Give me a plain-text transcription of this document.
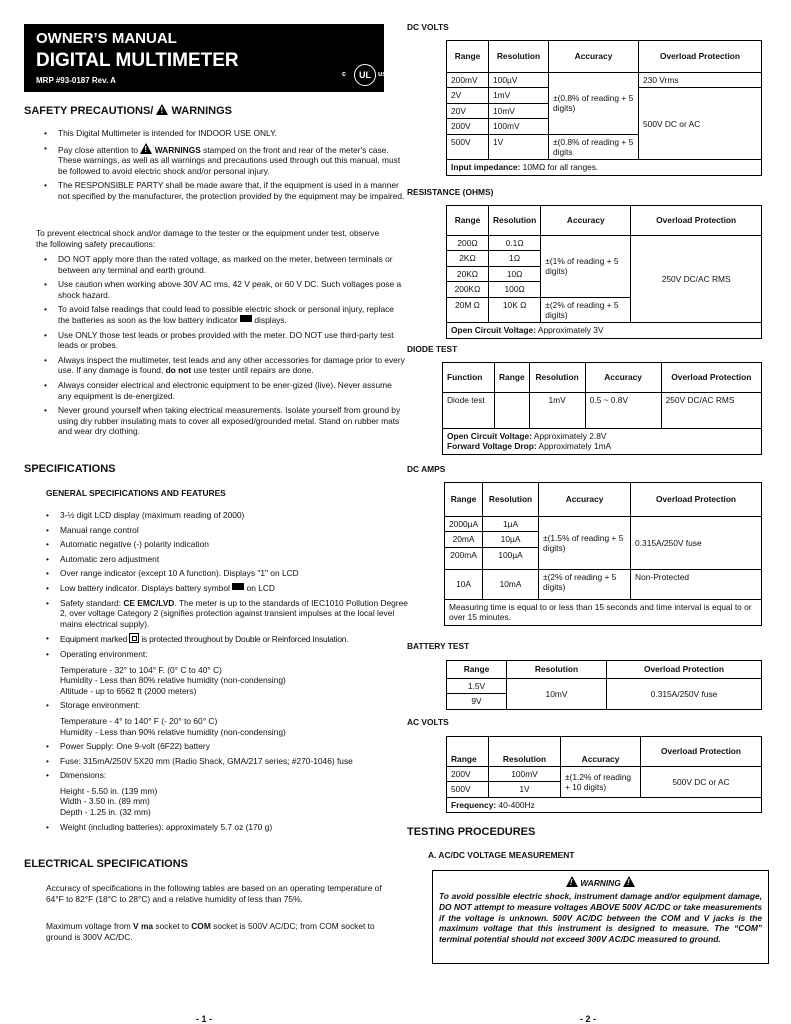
OWNER’S MANUAL
DIGITAL MULTIMETER
MRP #93-0187 Rev. A
c	UL	us
SAFETY PRECAUTIONS/ ! WARNINGS
• This Digital Multimeter is intended for INDOOR USE ONLY.
• Pay close attention to ! WARNINGS stamped on the front and rear of the meter's case. These warnings, as well as all warnings and precautions used through out this manual, must be followed to avoid electric shock and/or personal injury.
• The RESPONSIBLE PARTY shall be made aware that, if the equipment is used in a manner not specified by the manufacturer, the protection provided by the equipment may be impaired.
To prevent electrical shock and/or damage to the tester or the equipment under test, observe the following safety precautions:
• DO NOT apply more than the rated voltage, as marked on the meter, between terminals or between any terminal and earth ground.
• Use caution when working above 30V AC rms, 42 V peak, or 60 V DC. Such voltages pose a shock hazard.
• To avoid false readings that could lead to possible electric shock or personal injury, replace the batteries as soon as the low battery indicator displays.
• Use ONLY those test leads or probes provided with the meter. DO NOT use third-party test leads or probes.
• Always inspect the multimeter, test leads and any other accessories for damage prior to every use. If any damage is found, do not use tester until repairs are done.
• Always consider electrical and electronic equipment to be ener-gized (live). Never assume any equipment is de-energized.
• Never ground yourself when taking electrical measurements. Isolate yourself from ground by using dry rubber insulating mats to cover all exposed/grounded metal. Stand on rubber mats and wear dry clothing.
SPECIFICATIONS
GENERAL SPECIFICATIONS AND FEATURES
• 3-½ digit LCD display (maximum reading of 2000)
• Manual range control
• Automatic negative (-) polarity indication
• Automatic zero adjustment
• Over range indicator (except 10 A function). Displays "1" on LCD
• Low battery indicator. Displays battery symbol on LCD
• Safety standard: CE EMC/LVD. The meter is up to the standards of IEC1010 Pollution Degree 2, over voltage Category 2 (signifies protection against transient impulses at the local level mains electrical supply).
• Equipment marked is protected throughout by Double or Reinforced Insulation.
• Operating environment:
Temperature - 32° to 104° F. (0° C to 40° C)
Humidity - Less than 80% relative humidity (non-condensing)
Altitude - up to 6562 ft (2000 meters)
• Storage environment:
Temperature - 4° to 140° F (- 20° to 60° C)
Humidity - Less than 90% relative humidity (non-condensing)
• Power Supply: One 9-volt (6F22) battery
• Fuse: 315mA/250V 5X20 mm (Radio Shack, GMA/217 series; #270-1046) fuse
• Dimensions:
Height - 5.50 in. (139 mm)
Width - 3.50 in. (89 mm)
Depth - 1.25 in. (32 mm)
• Weight (including batteries): approximately 5.7 oz (170 g)
ELECTRICAL SPECIFICATIONS
Accuracy of specifications in the following tables are based on an operating temperature of 64°F to 82°F (18°C to 28°C) and a relative humidity of less than 75%.
Maximum voltage from V ma socket to COM socket is 500V AC/DC; from COM socket to ground is 300V AC/DC.
- 1 -
DC VOLTS
Range	Resolution	Accuracy	Overload Protection
200mV	100µV	±(0.8% of reading + 5 digits)	230 Vrms
2V	1mV		500V DC or AC
20V	10mV		
200V	100mV		
500V	1V	±(0.8% of reading + 5 digits	
Input impedance: 10MΩ for all ranges.			
RESISTANCE (OHMS)
Range	Resolution	Accuracy	Overload Protection
200Ω	0.1Ω	±(1% of reading + 5 digits)	250V DC/AC RMS
2KΩ	1Ω		
20KΩ	10Ω		
200KΩ	100Ω		
20M Ω	10K Ω	±(2% of reading + 5 digits)	
Open Circuit Voltage: Approximately 3V			
DIODE TEST
Function	Range	Resolution	Accuracy	Overload Protection
Diode test		1mV	0.5 ~ 0.8V	250V DC/AC RMS

Open Circuit Voltage: Approximately 2.8V
Forward Voltage Drop: Approximately 1mA				
DC AMPS
Range	Resolution	Accuracy	Overload Protection
2000µA	1µA	±(1.5% of reading + 5 digits)	0.315A/250V fuse
20mA	10µA		
200mA	100µA		
10A	10mA	±(2% of reading + 5 digits)	Non-Protected
Measuring time is equal to or less than 15 seconds and time interval is equal to or over 15 minutes.			
BATTERY TEST
Range	Resolution	Overload Protection
1.5V	10mV	0.315A/250V fuse
9V		
AC VOLTS
Range	Resolution	Accuracy	Overload Protection
200V	100mV	±(1.2% of reading + 10 digits)	500V DC or AC
500V	1V		
Frequency: 40-400Hz			
TESTING PROCEDURES
A. AC/DC VOLTAGE MEASUREMENT
! WARNING !
To avoid possible electric shock, instrument damage and/or equipment damage, DO NOT attempt to measure voltages ABOVE 500V AC/DC or take measurements if the voltage is unknown. 500V AC/DC between the COM and V jacks is the maximum voltage that this instrument is designed to measure. The “COM” terminal potential should not exceed 300V AC/DC measured to ground.
- 2 -
